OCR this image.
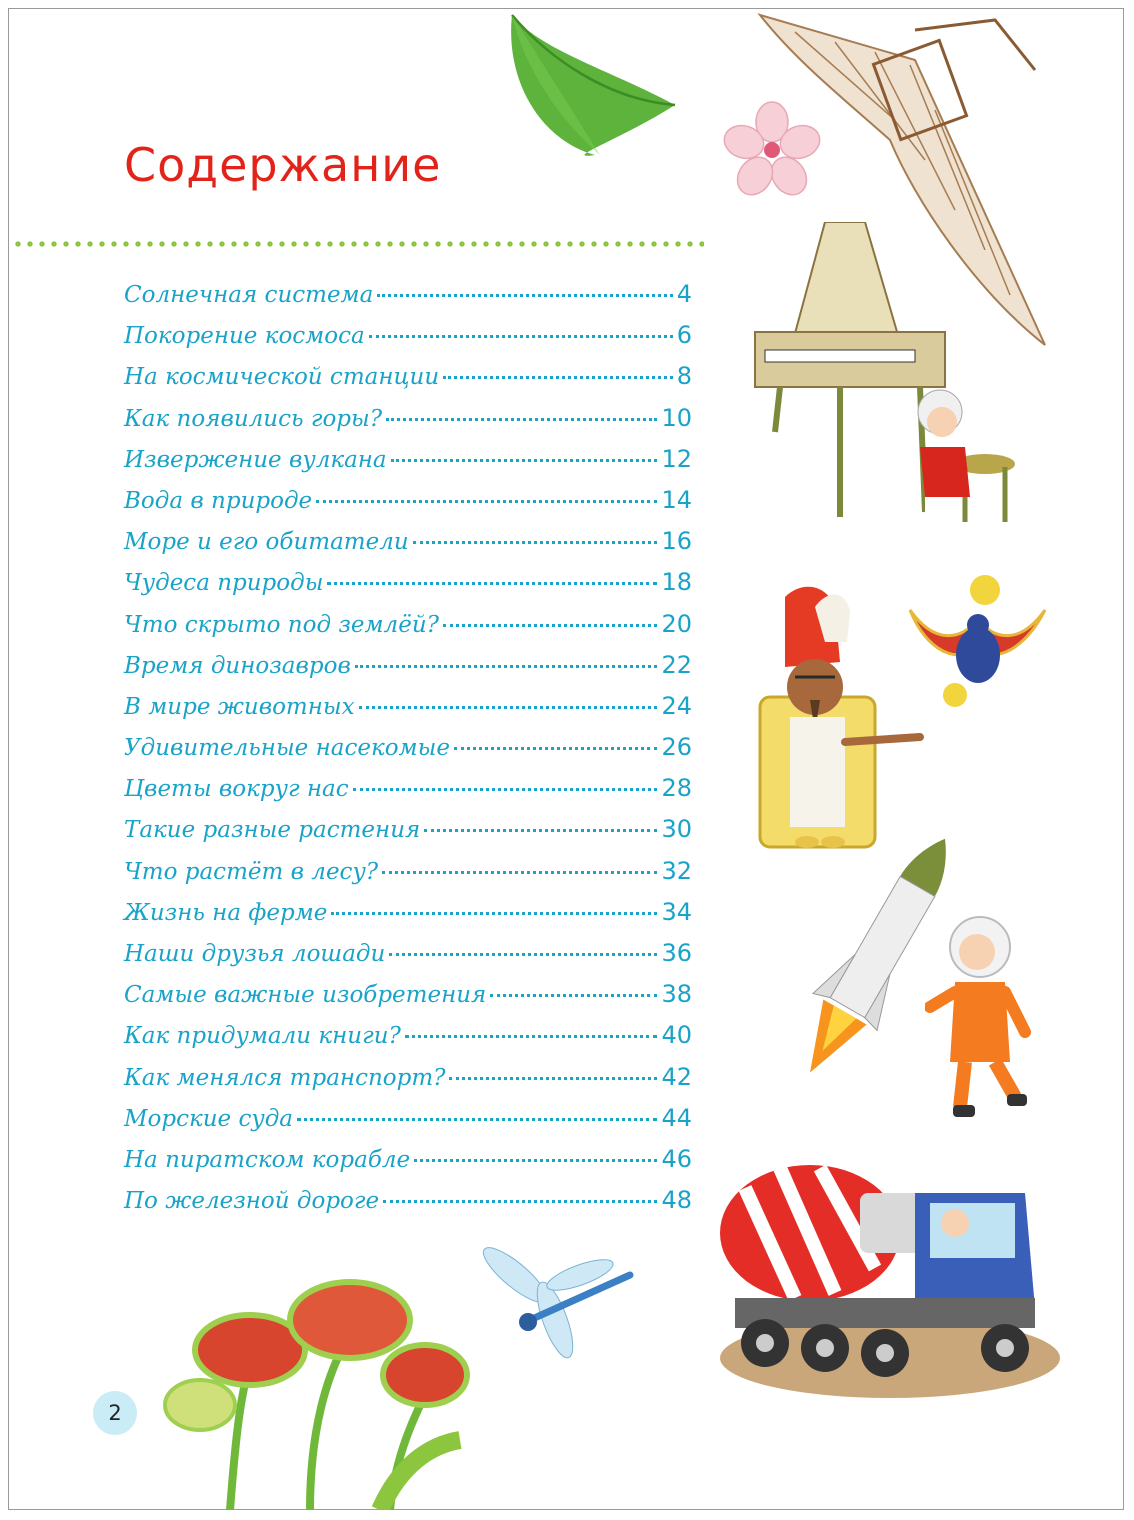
Содержание
Солнечная система	4
Покорение космоса	6
На космической станции	8
Как появились горы?	10
Извержение вулкана	12
Вода в природе	14
Море и его обитатели	16
Чудеса природы	18
Что скрыто под землёй?	20
Время динозавров	22
В мире животных	24
Удивительные насекомые	26
Цветы вокруг нас	28
Такие разные растения	30
Что растёт в лесу?	32
Жизнь на ферме	34
Наши друзья лошади	36
Самые важные изобретения	38
Как придумали книги?	40
Как менялся транспорт?	42
Морские суда	44
На пиратском корабле	46
По железной дороге	48
2
